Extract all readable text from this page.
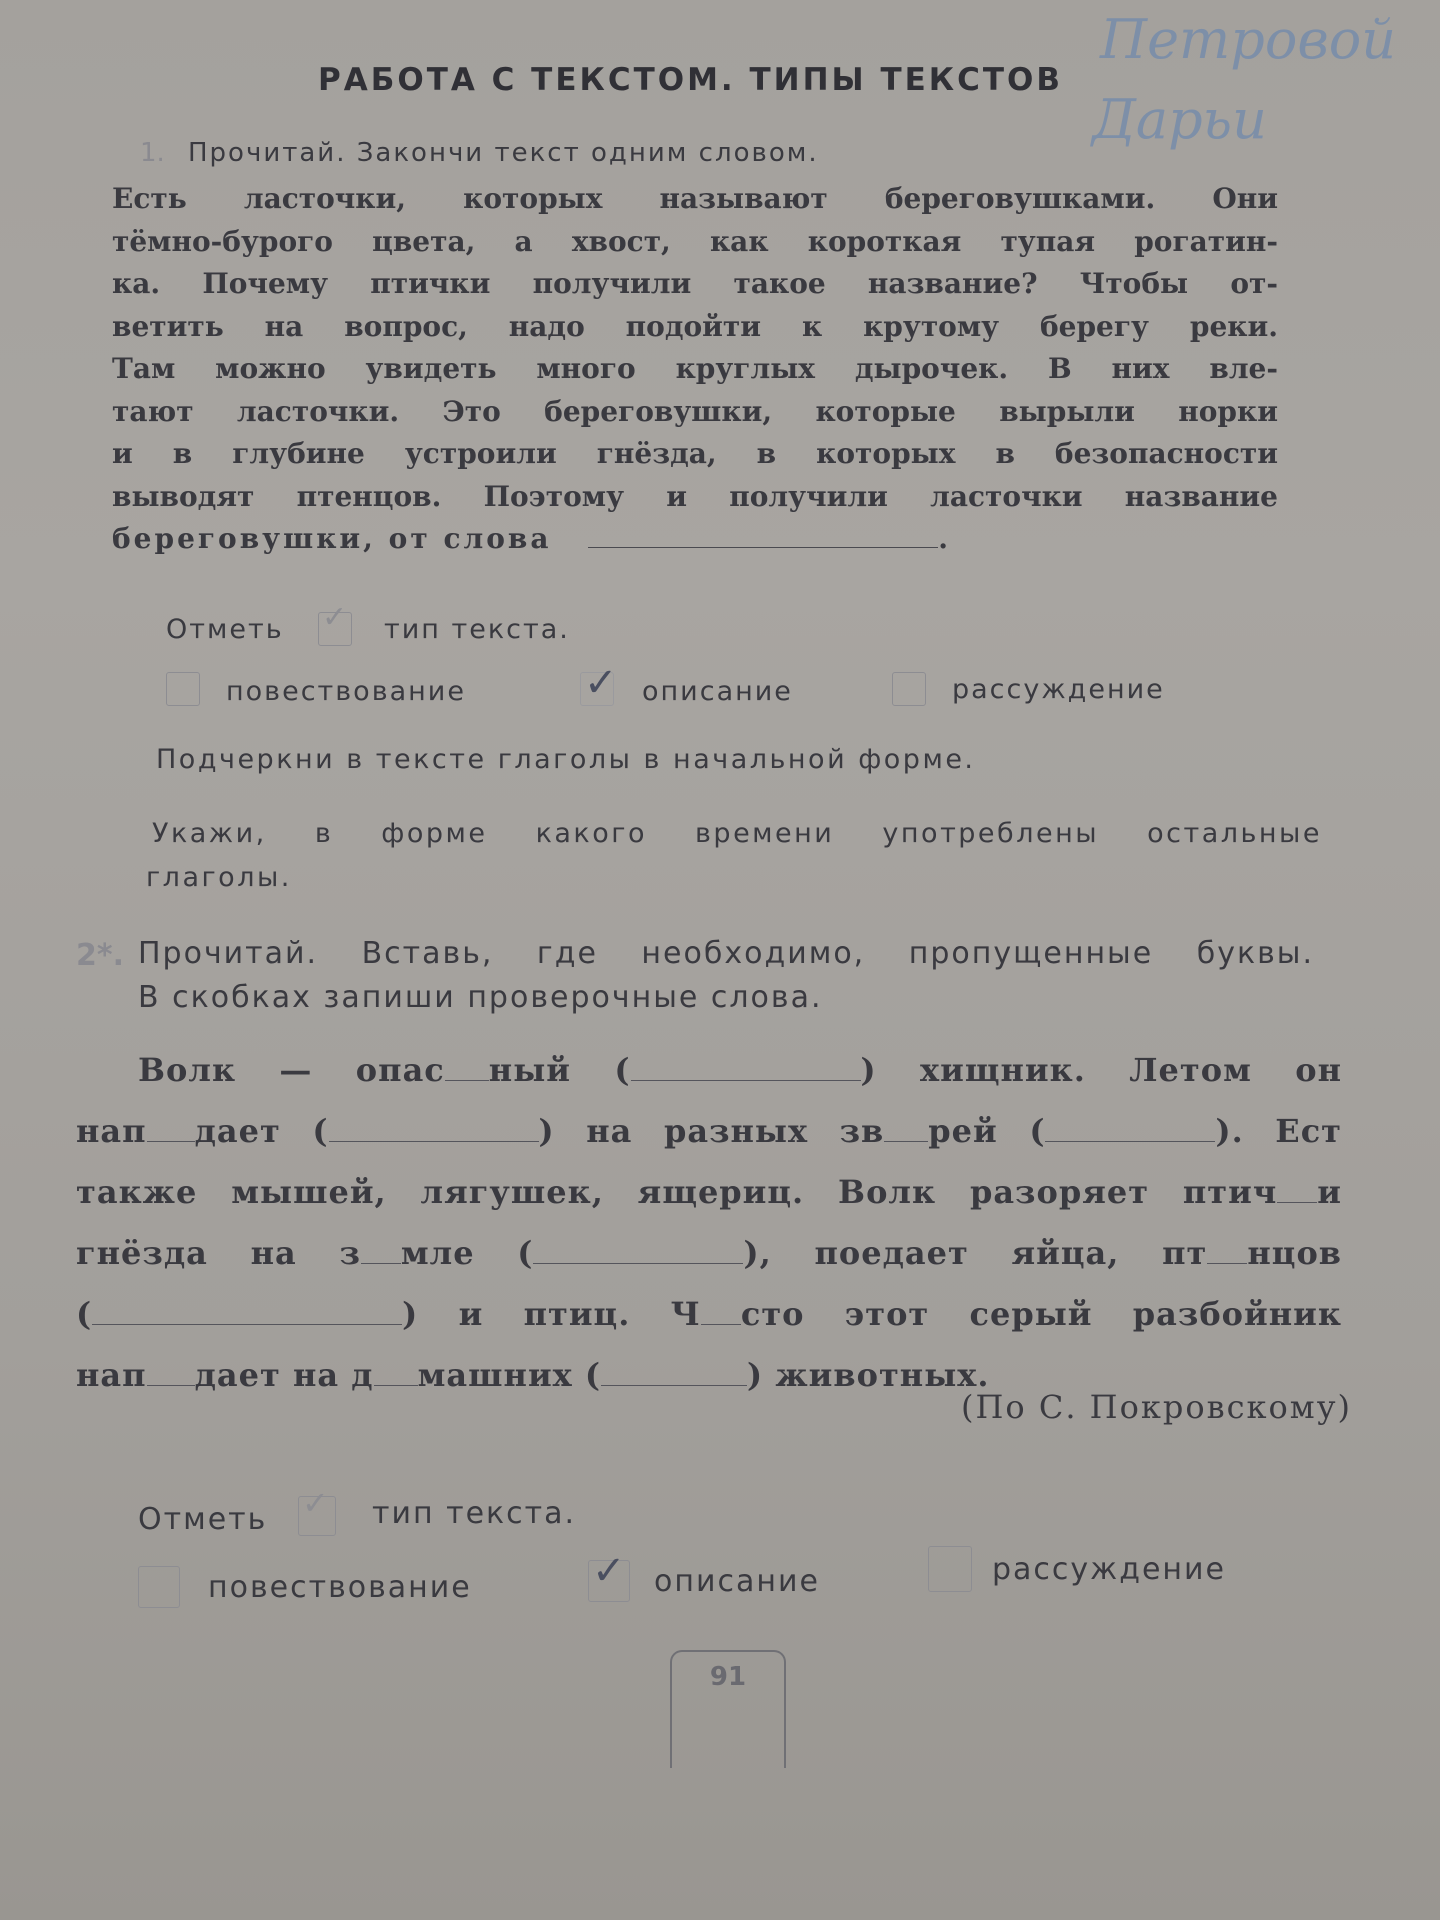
Петровой
Дарьи
РАБОТА С ТЕКСТОМ. ТИПЫ ТЕКСТОВ
1. Прочитай. Закончи текст одним словом.
Есть ласточки, которых называют береговушками. Они
тёмно-бурого цвета, а хвост, как короткая тупая рогатин-
ка. Почему птички получили такое название? Чтобы от-
ветить на вопрос, надо подойти к крутому берегу реки.
Там можно увидеть много круглых дырочек. В них вле-
тают ласточки. Это береговушки, которые вырыли норки
и в глубине устроили гнёзда, в которых в безопасности
выводят птенцов. Поэтому и получили ласточки название
береговушки, от слова	.
Отметь ✓ тип текста.
повествование	✓ описание	рассуждение
Подчеркни в тексте глаголы в начальной форме.
Укажи, в форме какого времени употреблены остальные
глаголы.
2*. Прочитай. Вставь, где необходимо, пропущенные буквы.
В скобках запиши проверочные слова.
Волк — опас ный (	) хищник. Летом он
нап дает (	) на разных зв рей (	). Ест
также мышей, лягушек, ящериц. Волк разоряет птич и
гнёзда на з мле (	), поедает яйца, пт нцов
(	) и птиц. Ч сто этот серый разбойник
нап дает на д машних (	) животных.
(По С. Покровскому)
Отметь ✓ тип текста.
повествование	✓ описание	рассуждение
91
